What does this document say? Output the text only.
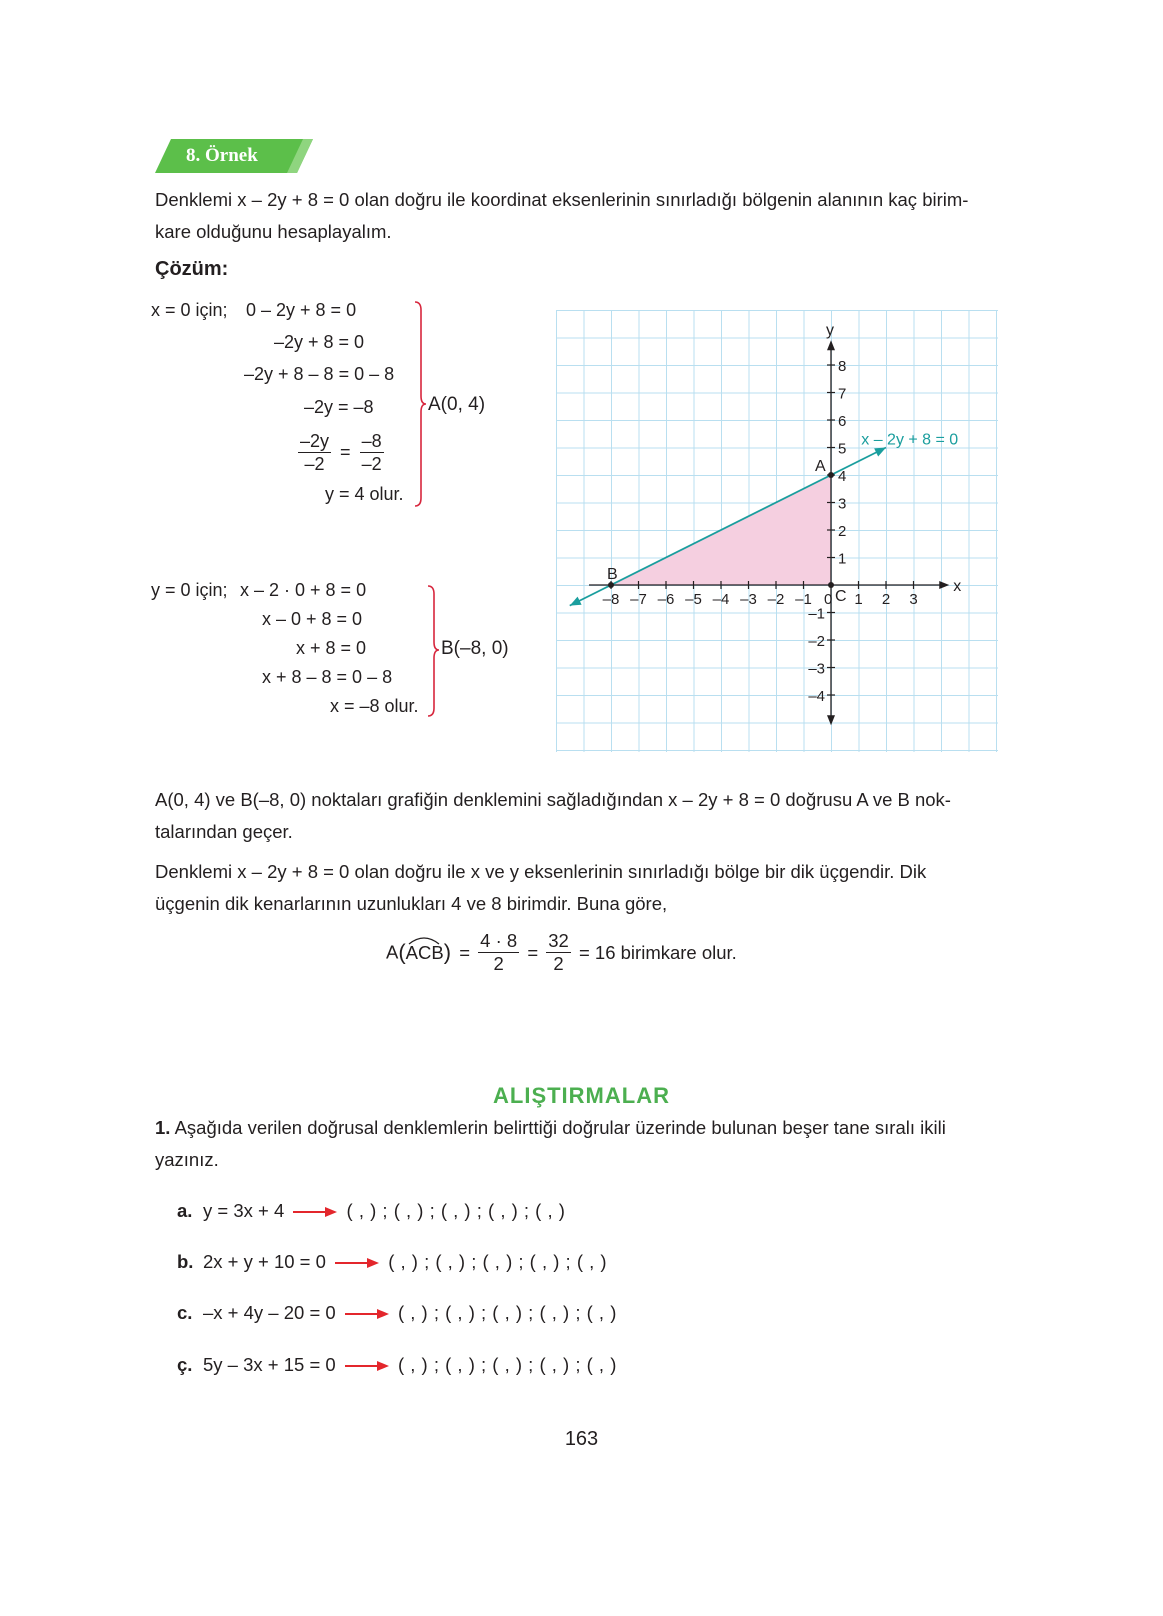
8. Örnek
Denklemi x – 2y + 8 = 0 olan doğru ile koordinat eksenlerinin sınırladığı bölgenin alanının kaç birim-
kare olduğunu hesaplayalım.
Çözüm:
x = 0 için; 0 – 2y + 8 = 0
–2y + 8 = 0
–2y + 8 – 8 = 0 – 8
–2y = –8
$\frac{-2y}{-2} = \frac{-8}{-2}$
y = 4 olur.
A(0, 4)
y = 0 için; x – 2 · 0 + 8 = 0
x – 0 + 8 = 0
x + 8 = 0
x + 8 – 8 = 0 – 8
x = –8 olur.
B(–8, 0)
x
y
–8 –7 –6 –5 –4 –3 –2 –1 0 1 2 3
8
7
6
5
4
3
2
1
–1
–2
–3
–4
x – 2y + 8 = 0
A
B
C
A(0, 4) ve B(–8, 0) noktaları grafiğin denklemini sağladığından x – 2y + 8 = 0 doğrusu A ve B nok-
talarından geçer.
Denklemi x – 2y + 8 = 0 olan doğru ile x ve y eksenlerinin sınırladığı bölge bir dik üçgendir. Dik
üçgenin dik kenarlarının uzunlukları 4 ve 8 birimdir. Buna göre,
A(
$ACB) = \frac{4 \cdot 8}{2} = \frac{32}{2} = 16$ birimkare olur.
ALIŞTIRMALAR
1. Aşağıda verilen doğrusal denklemlerin belirttiği doğrular üzerinde bulunan beşer tane sıralı ikili
yazınız.
a. y = 3x + 4	( , ) ; ( , ) ; ( , ) ; ( , ) ; ( , )
b. 2x + y + 10 = 0	( , ) ; ( , ) ; ( , ) ; ( , ) ; ( , )
c. –x + 4y – 20 = 0	( , ) ; ( , ) ; ( , ) ; ( , ) ; ( , )
ç. 5y – 3x + 15 = 0	( , ) ; ( , ) ; ( , ) ; ( , ) ; ( , )
163
